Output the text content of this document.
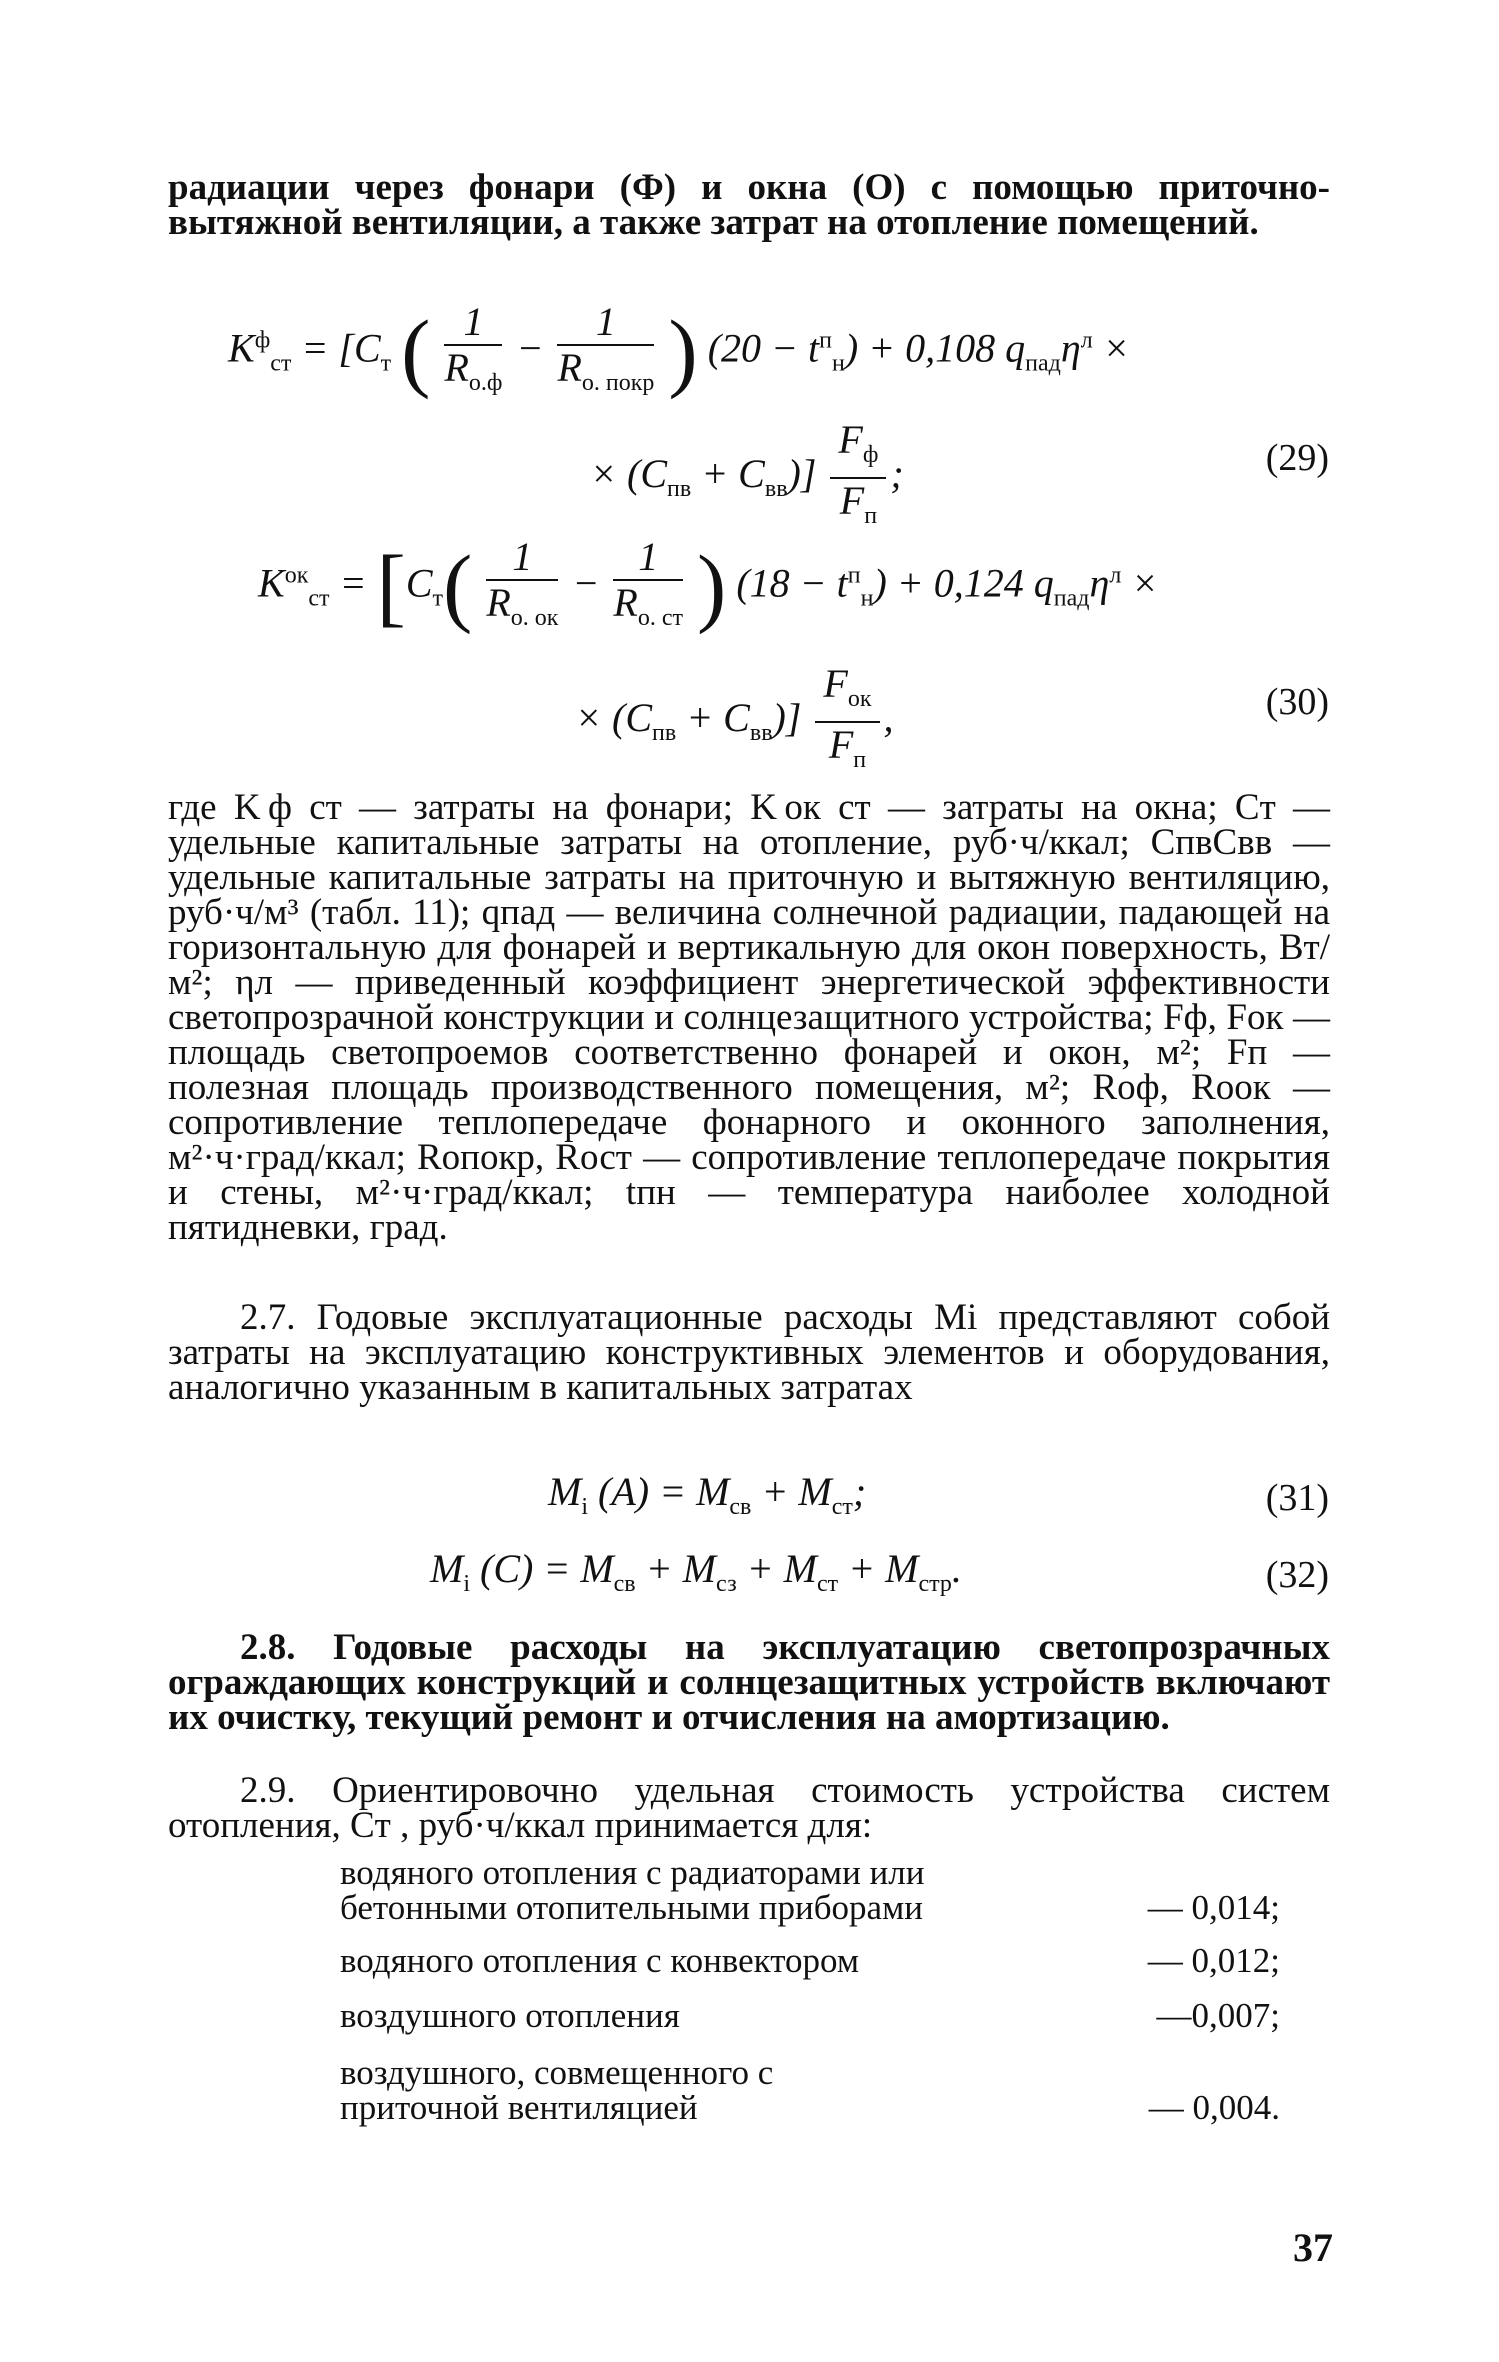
радиации через фонари (Ф) и окна (О) с помощью приточно-вытяжной вентиляции, а также затрат на отопление помещений.
$K^ф_{ст} = [C_т$ ( $\frac{1}{R_{о.ф}} - \frac{1}{R_{о. покр}}$ ) $(20 - t^п_н) + 0,108$ $q_{пад}\eta^л$ ×
× $(C_{пв} + C_{вв})] \frac{F_ф}{F_п}$ ;	(29)
$K^{ок}_{ст} = [C_т( \frac{1}{R_{о. ок}} - \frac{1}{R_{о. ст}}$ ) $(18 - t^п_н) + 0,124$ $q_{пад}\eta^л$ ×
× $(C_{пв} + C_{вв})] \frac{F_{ок}}{F_п}$ ,	(30)
где K ф ст — затраты на фонари; K ок ст — затраты на окна; Cт — удельные капитальные затраты на отопление, руб·ч/ккал; CпвCвв — удельные капитальные затраты на приточную и вытяжную вентиляцию, руб·ч/м³ (табл. 11); qпад — величина солнечной радиации, падающей на горизонтальную для фонарей и вертикальную для окон поверхность, Вт/м²; ηл — приведенный коэффициент энергетической эффективности светопрозрачной конструкции и солнцезащитного устройства; Fф, Fок — площадь светопроемов соответственно фонарей и окон, м²; Fп — полезная площадь производственного помещения, м²; Rоф, Rоок — сопротивление теплопередаче фонарного и оконного заполнения, м²·ч·град/ккал; Rопокр, Rост — сопротивление теплопередаче покрытия и стены, м²·ч·град/ккал; tпн — температура наиболее холодной пятидневки, град.
2.7. Годовые эксплуатационные расходы Mi представляют собой затраты на эксплуатацию конструктивных элементов и оборудования, аналогично указанным в капитальных затратах
$M_i$ $(A) = M_{св} + M_{ст}$;	(31)
$M_i$ $(C) = M_{св} + M_{сз} + M_{ст} + M_{стр}$.	(32)
2.8. Годовые расходы на эксплуатацию светопрозрачных ограждающих конструкций и солнцезащитных устройств включают их очистку, текущий ремонт и отчисления на амортизацию.
2.9. Ориентировочно удельная стоимость устройства систем отопления, Cт , руб·ч/ккал принимается для:
водяного отопления с радиаторами или бетонными отопительными приборами	— 0,014;
водяного отопления с конвектором	— 0,012;
воздушного отопления	—0,007;
воздушного, совмещенного с приточной вентиляцией	— 0,004.
37
